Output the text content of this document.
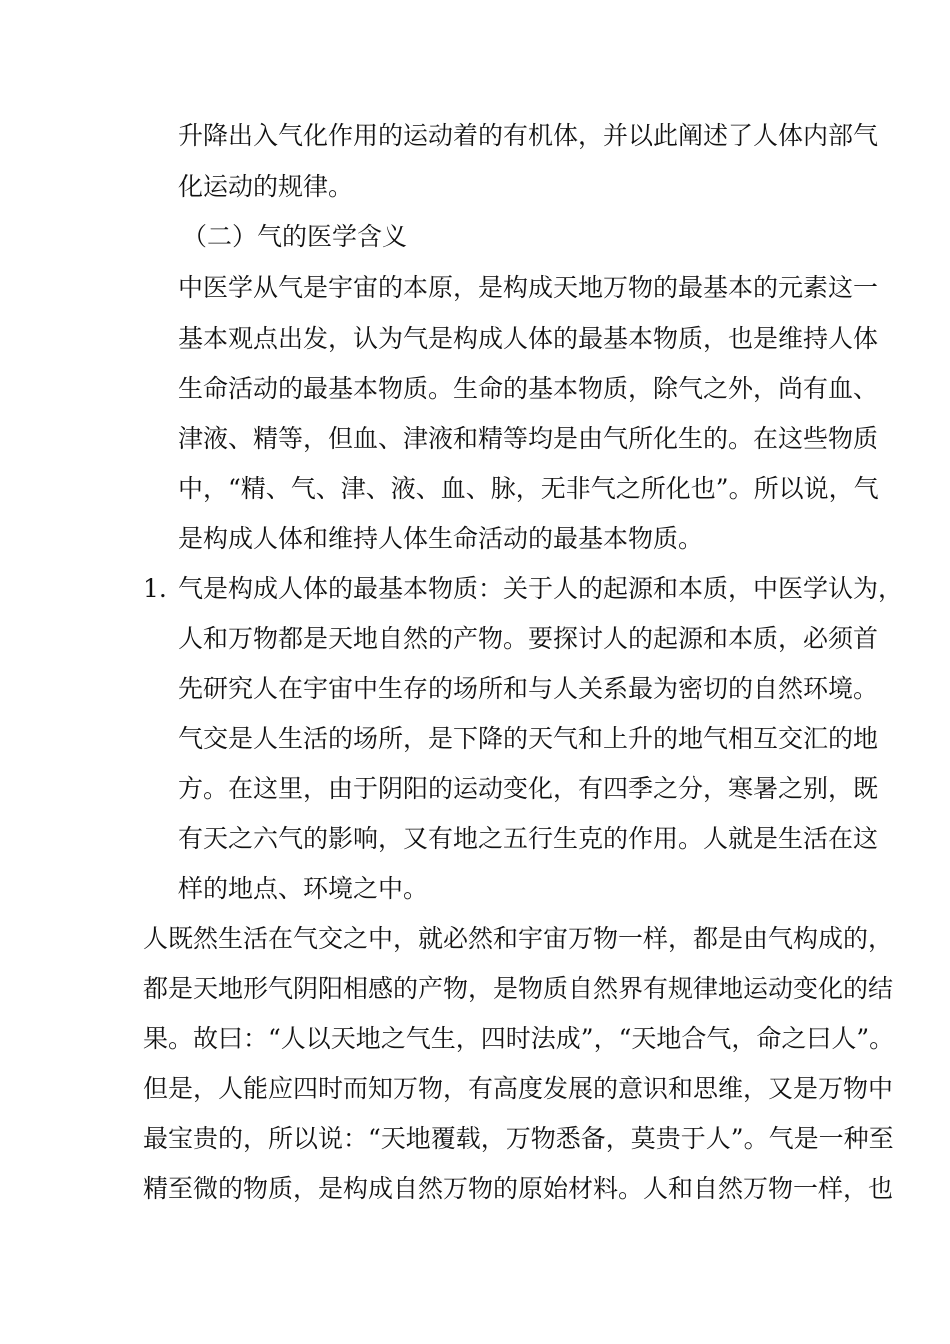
升降出入气化作用的运动着的有机体，并以此阐述了人体内部气
化运动的规律。
（二）气的医学含义
中医学从气是宇宙的本原，是构成天地万物的最基本的元素这一
基本观点出发，认为气是构成人体的最基本物质，也是维持人体
生命活动的最基本物质。生命的基本物质，除气之外，尚有血、
津液、精等，但血、津液和精等均是由气所化生的。在这些物质
中，“精、气、津、液、血、脉，无非气之所化也”。所以说，气
是构成人体和维持人体生命活动的最基本物质。
1. 气是构成人体的最基本物质：关于人的起源和本质，中医学认为，
人和万物都是天地自然的产物。要探讨人的起源和本质，必须首
先研究人在宇宙中生存的场所和与人关系最为密切的自然环境。
气交是人生活的场所，是下降的天气和上升的地气相互交汇的地
方。在这里，由于阴阳的运动变化，有四季之分，寒暑之别，既
有天之六气的影响，又有地之五行生克的作用。人就是生活在这
样的地点、环境之中。
人既然生活在气交之中，就必然和宇宙万物一样，都是由气构成的，
都是天地形气阴阳相感的产物，是物质自然界有规律地运动变化的结
果。故曰：“人以天地之气生，四时法成”，“天地合气，命之曰人”。
但是，人能应四时而知万物，有高度发展的意识和思维，又是万物中
最宝贵的，所以说：“天地覆载，万物悉备，莫贵于人”。气是一种至
精至微的物质，是构成自然万物的原始材料。人和自然万物一样，也
